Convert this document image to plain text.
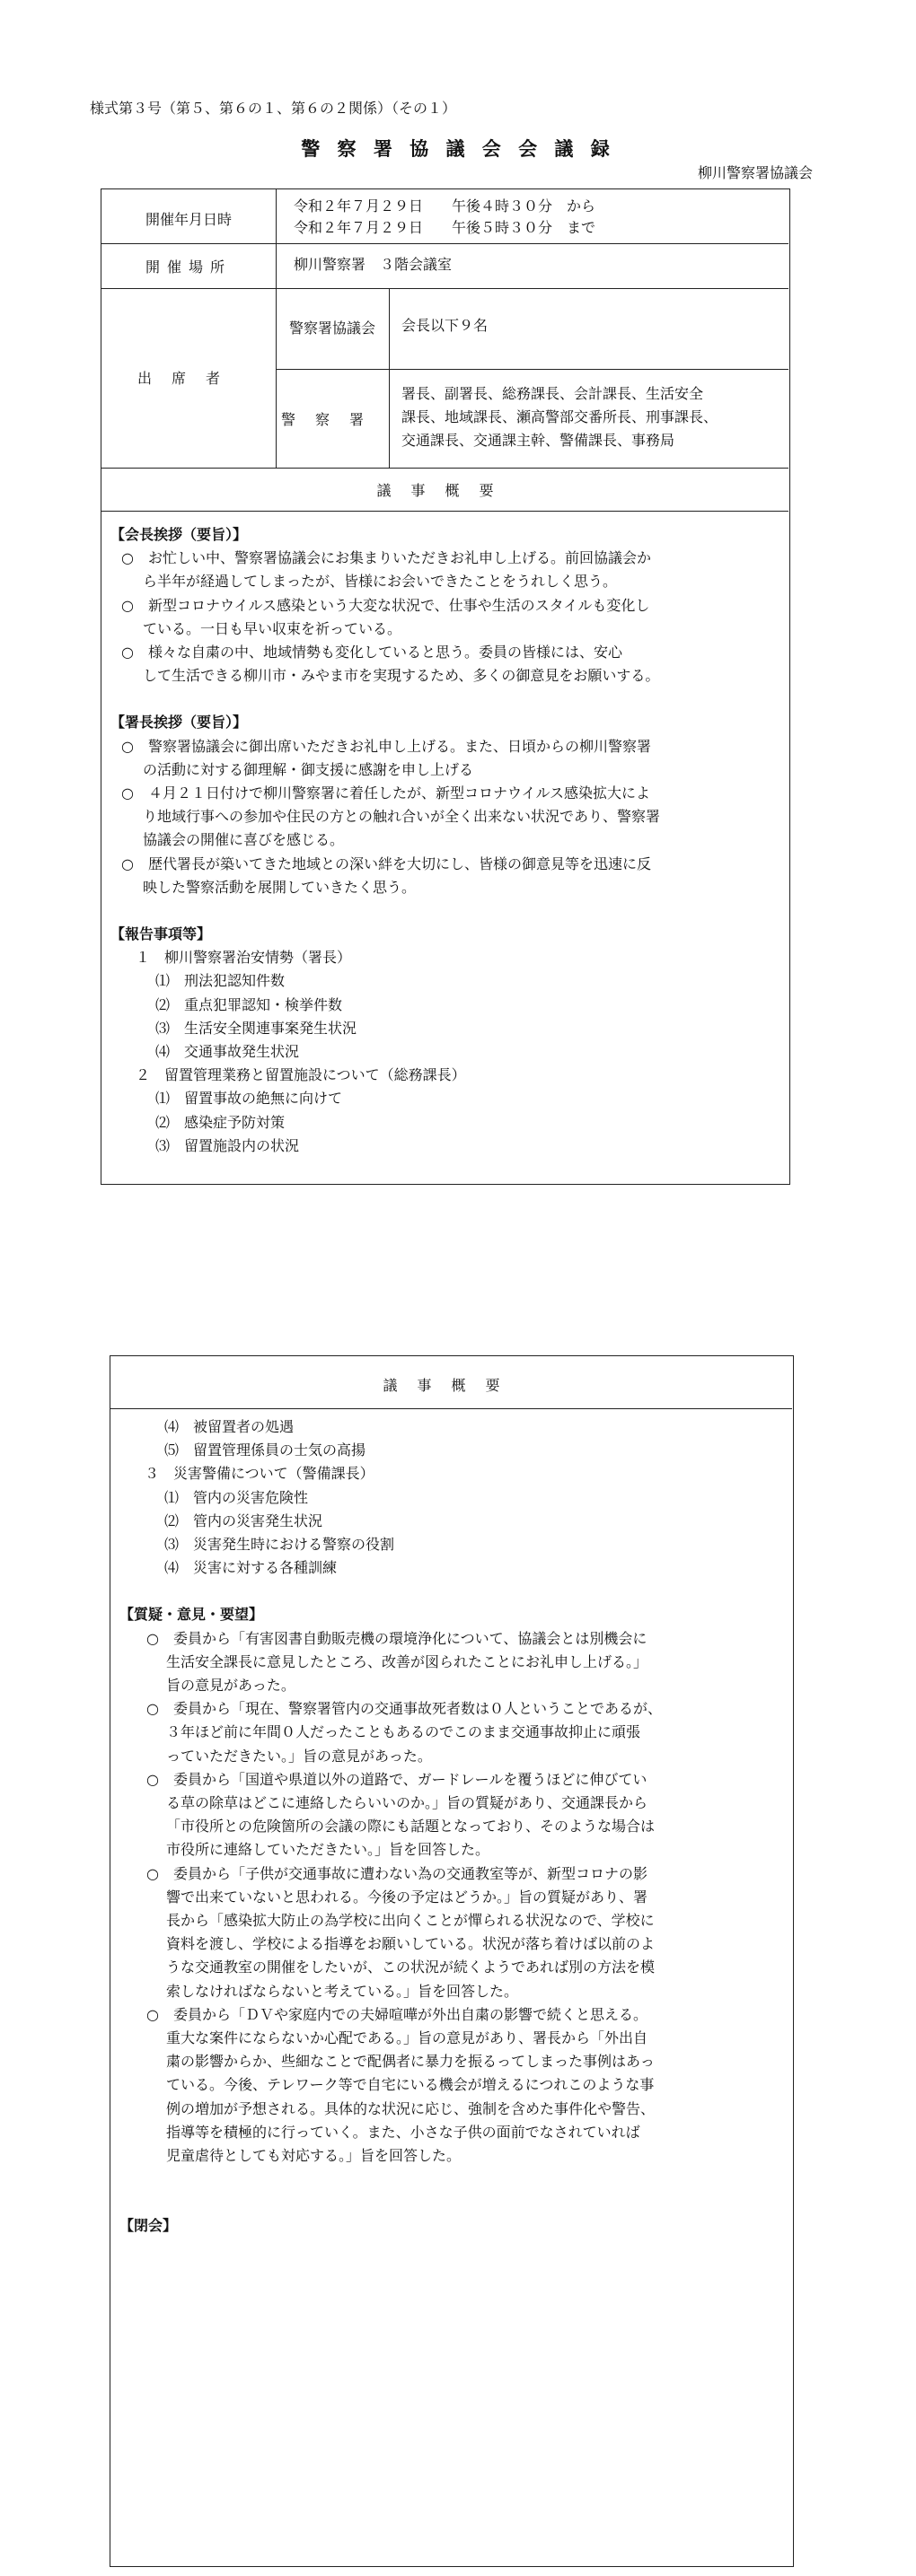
様式第３号（第５、第６の１、第６の２関係）（その１）
警 察 署 協 議 会 会 議 録
柳川警察署協議会
開催年月日時
令和２年７月２９日　　午後４時３０分　から
令和２年７月２９日　　午後５時３０分　まで
開催場所	柳川警察署　３階会議室
出席者
警察署協議会	会長以下９名
警察署
署長、副署長、総務課長、会計課長、生活安全
課長、地域課長、瀬高警部交番所長、刑事課長、
交通課長、交通課主幹、警備課長、事務局
議事概要

【会長挨拶（要旨）】

○　お忙しい中、警察署協議会にお集まりいただきお礼申し上げる。前回協議会か

ら半年が経過してしまったが、皆様にお会いできたことをうれしく思う。

○　新型コロナウイルス感染という大変な状況で、仕事や生活のスタイルも変化し

ている。一日も早い収束を祈っている。

○　様々な自粛の中、地域情勢も変化していると思う。委員の皆様には、安心

して生活できる柳川市・みやま市を実現するため、多くの御意見をお願いする。

【署長挨拶（要旨）】

○　警察署協議会に御出席いただきお礼申し上げる。また、日頃からの柳川警察署

の活動に対する御理解・御支援に感謝を申し上げる

○　４月２１日付けで柳川警察署に着任したが、新型コロナウイルス感染拡大によ

り地域行事への参加や住民の方との触れ合いが全く出来ない状況であり、警察署

協議会の開催に喜びを感じる。

○　歴代署長が築いてきた地域との深い絆を大切にし、皆様の御意見等を迅速に反

映した警察活動を展開していきたく思う。

【報告事項等】

１　柳川警察署治安情勢（署長）

⑴　刑法犯認知件数

⑵　重点犯罪認知・検挙件数

⑶　生活安全関連事案発生状況

⑷　交通事故発生状況

２　留置管理業務と留置施設について（総務課長）

⑴　留置事故の絶無に向けて

⑵　感染症予防対策

⑶　留置施設内の状況

議事概要

⑷　被留置者の処遇

⑸　留置管理係員の士気の高揚

３　災害警備について（警備課長）

⑴　管内の災害危険性

⑵　管内の災害発生状況

⑶　災害発生時における警察の役割

⑷　災害に対する各種訓練

【質疑・意見・要望】

○　委員から「有害図書自動販売機の環境浄化について、協議会とは別機会に

生活安全課長に意見したところ、改善が図られたことにお礼申し上げる。」

旨の意見があった。

○　委員から「現在、警察署管内の交通事故死者数は０人ということであるが、

３年ほど前に年間０人だったこともあるのでこのまま交通事故抑止に頑張

っていただきたい。」旨の意見があった。

○　委員から「国道や県道以外の道路で、ガードレールを覆うほどに伸びてい

る草の除草はどこに連絡したらいいのか。」旨の質疑があり、交通課長から

「市役所との危険箇所の会議の際にも話題となっており、そのような場合は

市役所に連絡していただきたい。」旨を回答した。

○　委員から「子供が交通事故に遭わない為の交通教室等が、新型コロナの影

響で出来ていないと思われる。今後の予定はどうか。」旨の質疑があり、署

長から「感染拡大防止の為学校に出向くことが憚られる状況なので、学校に

資料を渡し、学校による指導をお願いしている。状況が落ち着けば以前のよ

うな交通教室の開催をしたいが、この状況が続くようであれば別の方法を模

索しなければならないと考えている。」旨を回答した。

○　委員から「ＤＶや家庭内での夫婦喧嘩が外出自粛の影響で続くと思える。

重大な案件にならないか心配である。」旨の意見があり、署長から「外出自

粛の影響からか、些細なことで配偶者に暴力を振るってしまった事例はあっ

ている。今後、テレワーク等で自宅にいる機会が増えるにつれこのような事

例の増加が予想される。具体的な状況に応じ、強制を含めた事件化や警告、

指導等を積極的に行っていく。また、小さな子供の面前でなされていれば

児童虐待としても対応する。」旨を回答した。

【閉会】
